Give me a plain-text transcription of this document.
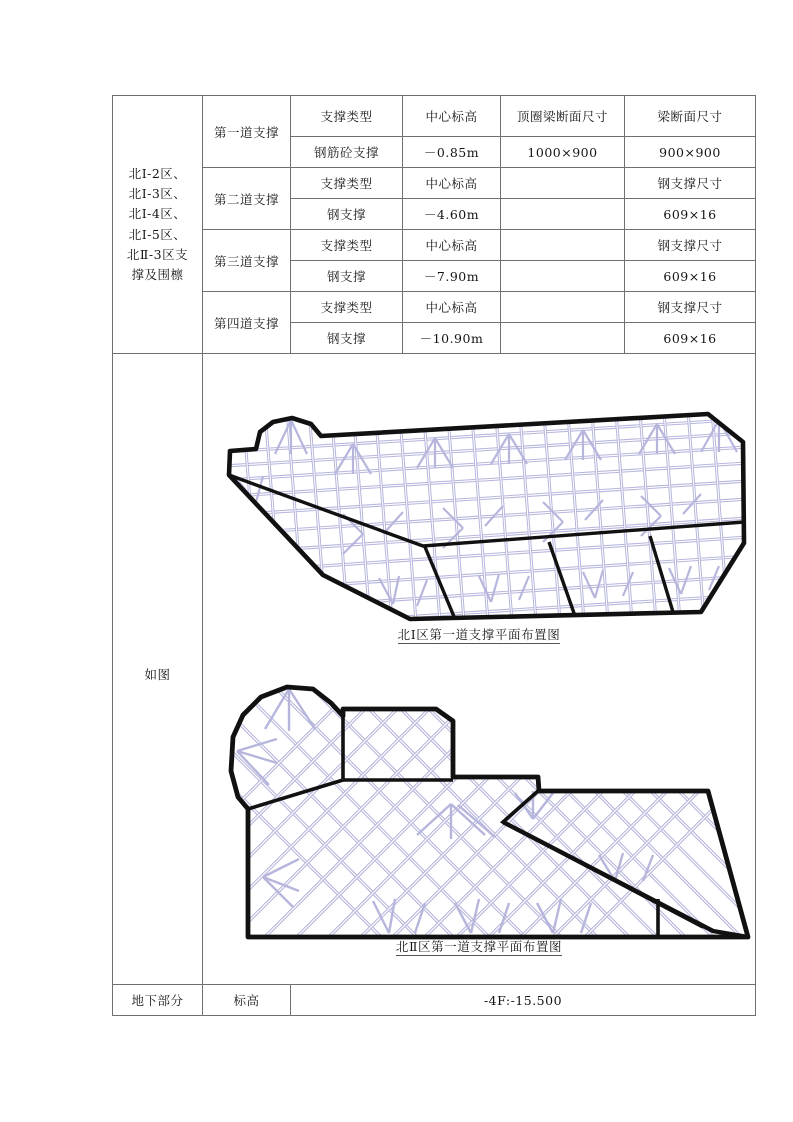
北Ⅰ-2区、
北Ⅰ-3区、
北Ⅰ-4区、
北Ⅰ-5区、
北Ⅱ-3区支
撑及围檩
	第一道支撑	支撑类型	中心标高	顶圈梁断面尺寸	梁断面尺寸
		钢筋砼支撑	－0.85m	1000×900	900×900
	第二道支撑	支撑类型	中心标高		钢支撑尺寸
		钢支撑	－4.60m		609×16
	第三道支撑	支撑类型	中心标高		钢支撑尺寸
		钢支撑	－7.90m		609×16
	第四道支撑	支撑类型	中心标高		钢支撑尺寸
		钢支撑	－10.90m		609×16

如图	北Ⅰ区第一道支撑平面布置图
北Ⅱ区第一道支撑平面布置图				

地下部分	标高	-4F:-15.500			
